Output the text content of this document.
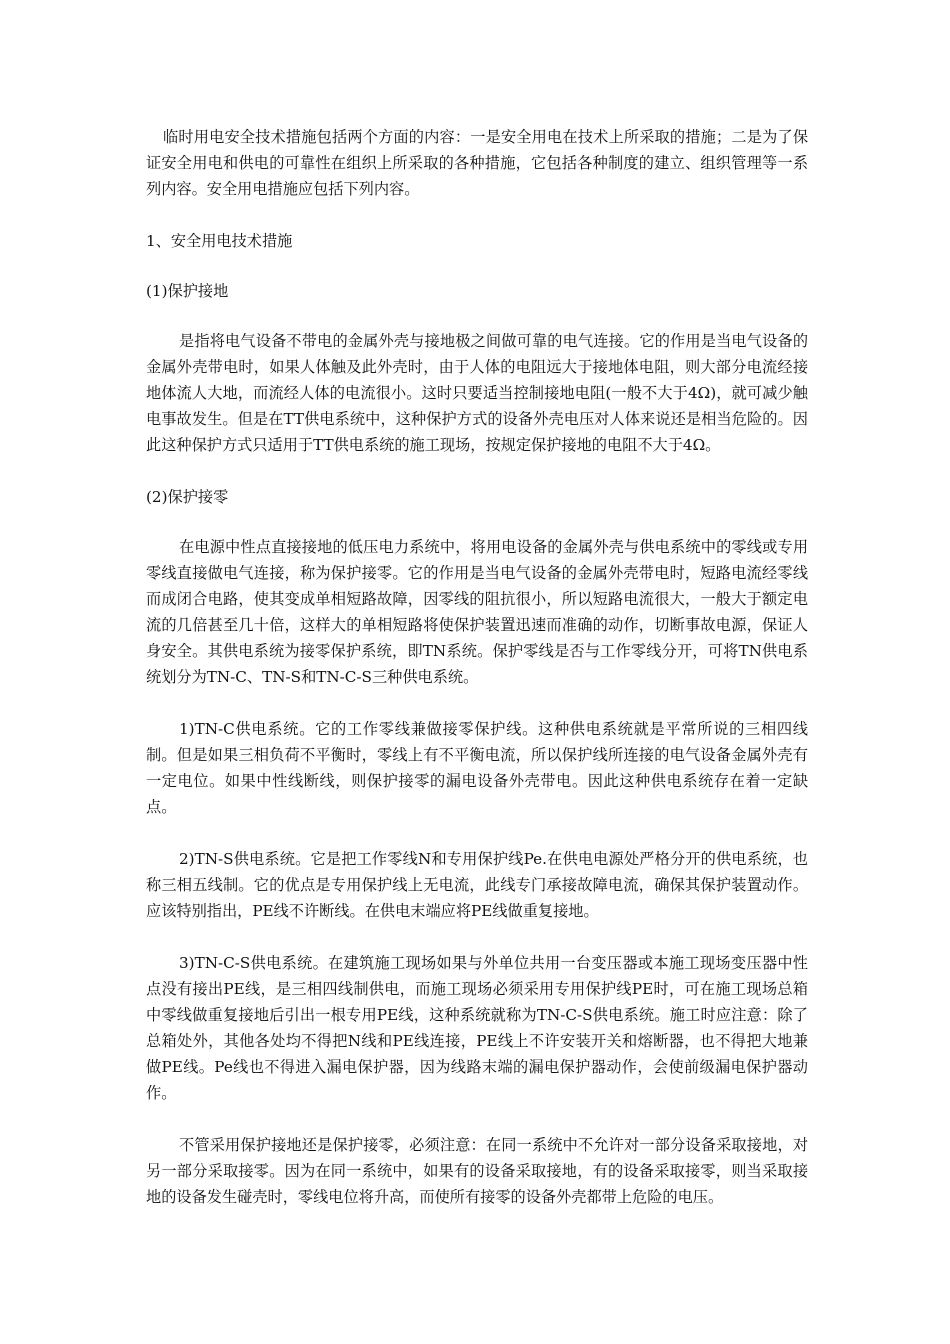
临时用电安全技术措施包括两个方面的内容：一是安全用电在技术上所采取的措施；二是为了保证安全用电和供电的可靠性在组织上所采取的各种措施，它包括各种制度的建立、组织管理等一系列内容。安全用电措施应包括下列内容。

1、安全用电技术措施

(1)保护接地

是指将电气设备不带电的金属外壳与接地极之间做可靠的电气连接。它的作用是当电气设备的金属外壳带电时，如果人体触及此外壳时，由于人体的电阻远大于接地体电阻，则大部分电流经接地体流人大地，而流经人体的电流很小。这时只要适当控制接地电阻(一般不大于4Ω)，就可减少触电事故发生。但是在TT供电系统中，这种保护方式的设备外壳电压对人体来说还是相当危险的。因此这种保护方式只适用于TT供电系统的施工现场，按规定保护接地的电阻不大于4Ω。

(2)保护接零

在电源中性点直接接地的低压电力系统中，将用电设备的金属外壳与供电系统中的零线或专用零线直接做电气连接，称为保护接零。它的作用是当电气设备的金属外壳带电时，短路电流经零线而成闭合电路，使其变成单相短路故障，因零线的阻抗很小，所以短路电流很大，一般大于额定电流的几倍甚至几十倍，这样大的单相短路将使保护装置迅速而准确的动作，切断事故电源，保证人身安全。其供电系统为接零保护系统，即TN系统。保护零线是否与工作零线分开，可将TN供电系统划分为TN-C、TN-S和TN-C-S三种供电系统。

1)TN-C供电系统。它的工作零线兼做接零保护线。这种供电系统就是平常所说的三相四线制。但是如果三相负荷不平衡时，零线上有不平衡电流，所以保护线所连接的电气设备金属外壳有一定电位。如果中性线断线，则保护接零的漏电设备外壳带电。因此这种供电系统存在着一定缺点。

2)TN-S供电系统。它是把工作零线N和专用保护线Pe.在供电电源处严格分开的供电系统，也称三相五线制。它的优点是专用保护线上无电流，此线专门承接故障电流，确保其保护装置动作。应该特别指出，PE线不许断线。在供电末端应将PE线做重复接地。

3)TN-C-S供电系统。在建筑施工现场如果与外单位共用一台变压器或本施工现场变压器中性点没有接出PE线，是三相四线制供电，而施工现场必须采用专用保护线PE时，可在施工现场总箱中零线做重复接地后引出一根专用PE线，这种系统就称为TN-C-S供电系统。施工时应注意：除了总箱处外，其他各处均不得把N线和PE线连接，PE线上不许安装开关和熔断器，也不得把大地兼做PE线。Pe线也不得进入漏电保护器，因为线路末端的漏电保护器动作，会使前级漏电保护器动作。

不管采用保护接地还是保护接零，必须注意：在同一系统中不允许对一部分设备采取接地，对另一部分采取接零。因为在同一系统中，如果有的设备采取接地，有的设备采取接零，则当采取接地的设备发生碰壳时，零线电位将升高，而使所有接零的设备外壳都带上危险的电压。
